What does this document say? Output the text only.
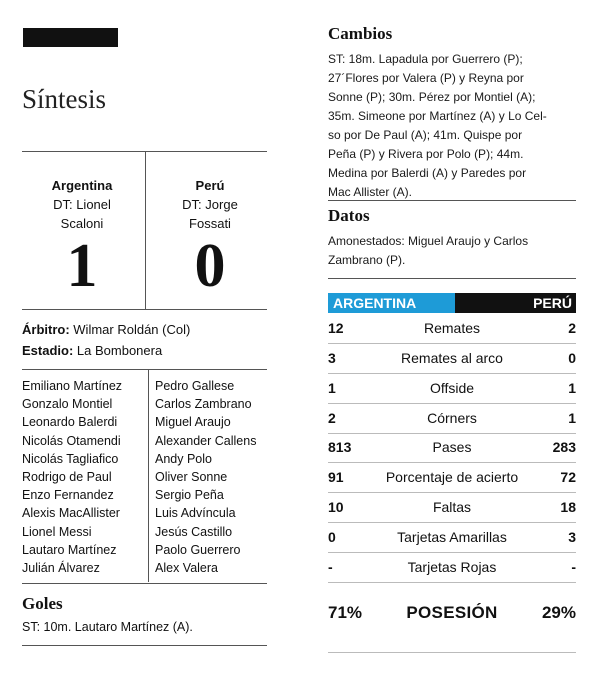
Síntesis
Argentina
DT: Lionel
Scaloni
1
Perú
DT: Jorge
Fossati
0
Árbitro: Wilmar Roldán (Col)
Estadio: La Bombonera
Emiliano Martínez
Gonzalo Montiel
Leonardo Balerdi
Nicolás Otamendi
Nicolás Tagliafico
Rodrigo de Paul
Enzo Fernandez
Alexis MacAllister
Lionel Messi
Lautaro Martínez
Julián Álvarez
Pedro Gallese
Carlos Zambrano
Miguel Araujo
Alexander Callens
Andy Polo
Oliver Sonne
Sergio Peña
Luis Advíncula
Jesús Castillo
Paolo Guerrero
Alex Valera
Goles
ST: 10m. Lautaro Martínez (A).
Cambios
ST: 18m. Lapadula por Guerrero (P);
27´Flores por Valera (P) y Reyna por
Sonne (P); 30m. Pérez por Montiel (A);
35m. Simeone por Martínez (A) y Lo Cel-
so por De Paul (A); 41m. Quispe por
Peña (P) y Rivera por Polo (P); 44m.
Medina por Balerdi (A) y Paredes por
Mac Allister (A).
Datos
Amonestados: Miguel Araujo y Carlos
Zambrano (P).
ARGENTINA	PERÚ
12	Remates	2
3	Remates al arco	0
1	Offside	1
2	Córners	1
813	Pases	283
91	Porcentaje de acierto	72
10	Faltas	18
0	Tarjetas Amarillas	3
-	Tarjetas Rojas	-
71%	POSESIÓN	29%
